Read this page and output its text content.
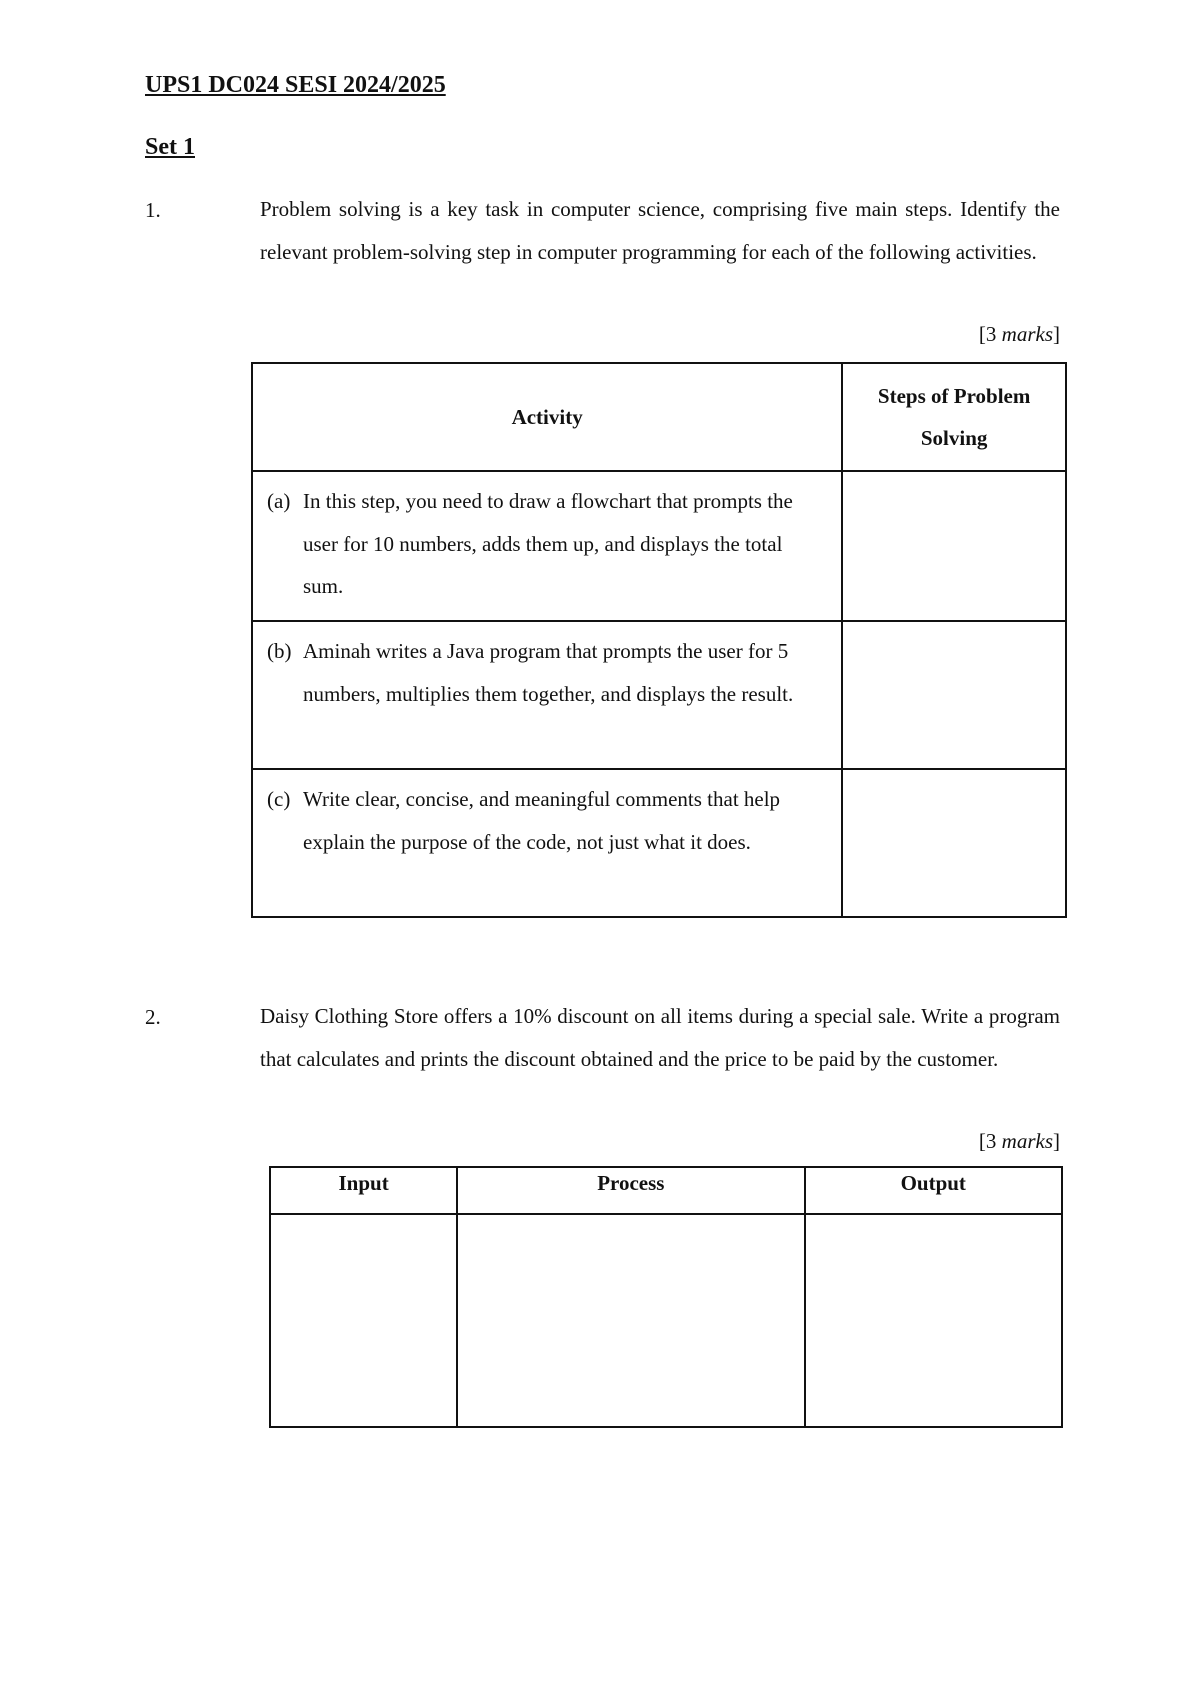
UPS1 DC024 SESI 2024/2025
Set 1
1.	Problem solving is a key task in computer science, comprising five main steps. Identify the relevant problem-solving step in computer programming for each of the following activities.

[3 marks]
Activity	Steps of Problem Solving

(a) In this step, you need to draw a flowchart that prompts the user for 10 numbers, adds them up, and displays the total sum.	

(b) Aminah writes a Java program that prompts the user for 5 numbers, multiplies them together, and displays the result.	

(c) Write clear, concise, and meaningful comments that help explain the purpose of the code, not just what it does.	

2.	Daisy Clothing Store offers a 10% discount on all items during a special sale. Write a program that calculates and prints the discount obtained and the price to be paid by the customer.

[3 marks]
Input	Process	Output
